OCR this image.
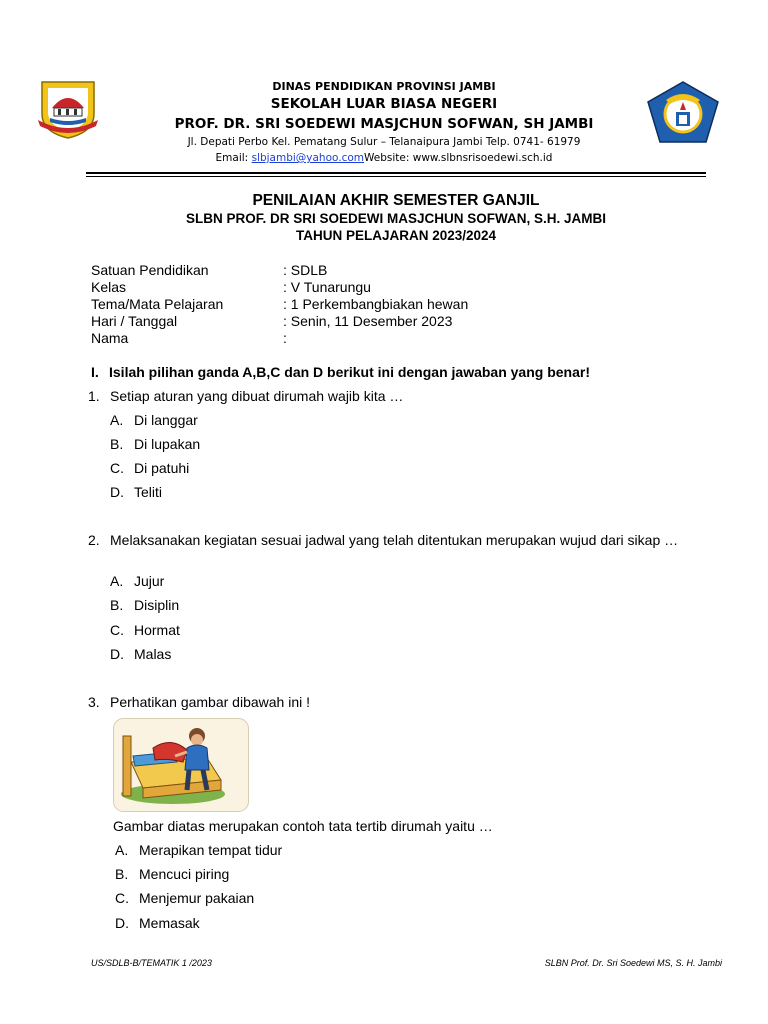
DINAS PENDIDIKAN PROVINSI JAMBI
SEKOLAH LUAR BIASA NEGERI
PROF. DR. SRI SOEDEWI MASJCHUN SOFWAN, SH JAMBI
Jl. Depati Perbo Kel. Pematang Sulur – Telanaipura Jambi Telp. 0741- 61979
Email: slbjambi@yahoo.comWebsite: www.slbnsrisoedewi.sch.id
PENILAIAN AKHIR SEMESTER GANJIL
SLBN PROF. DR SRI SOEDEWI MASJCHUN SOFWAN, S.H. JAMBI
TAHUN PELAJARAN 2023/2024
Satuan Pendidikan	: SDLB
Kelas	: V Tunarungu
Tema/Mata Pelajaran	: 1 Perkembangbiakan hewan
Hari / Tanggal	: Senin, 11 Desember 2023
Nama	:
I. Isilah pilihan ganda A,B,C dan D berikut ini dengan jawaban yang benar!
1. Setiap aturan yang dibuat dirumah wajib kita …
A. Di langgar
B. Di lupakan
C. Di patuhi
D. Teliti
2. Melaksanakan kegiatan sesuai jadwal yang telah ditentukan merupakan wujud dari sikap …
A. Jujur
B. Disiplin
C. Hormat
D. Malas
3. Perhatikan gambar dibawah ini !
Gambar diatas merupakan contoh tata tertib dirumah yaitu …
A. Merapikan tempat tidur
B. Mencuci piring
C. Menjemur pakaian
D. Memasak
US/SDLB-B/TEMATIK 1 /2023	SLBN Prof. Dr. Sri Soedewi MS, S. H. Jambi
